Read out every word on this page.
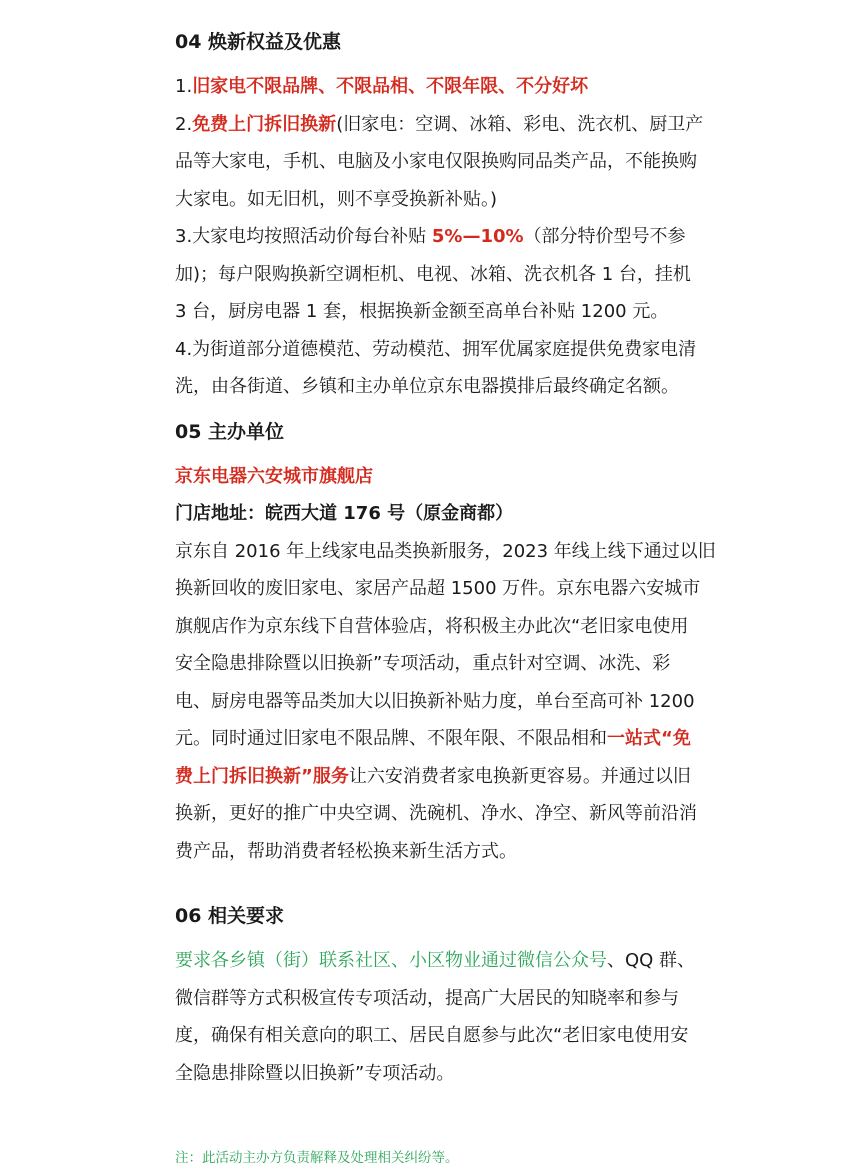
04 焕新权益及优惠

1.旧家电不限品牌、不限品相、不限年限、不分好坏

2.免费上门拆旧换新(旧家电：空调、冰箱、彩电、洗衣机、厨卫产

品等大家电，手机、电脑及小家电仅限换购同品类产品，不能换购

大家电。如无旧机，则不享受换新补贴。)

3.大家电均按照活动价每台补贴 5%—10%（部分特价型号不参

加)；每户限购换新空调柜机、电视、冰箱、洗衣机各 1 台，挂机

3 台，厨房电器 1 套，根据换新金额至高单台补贴 1200 元。

4.为街道部分道德模范、劳动模范、拥军优属家庭提供免费家电清

洗，由各街道、乡镇和主办单位京东电器摸排后最终确定名额。

05 主办单位

京东电器六安城市旗舰店

门店地址：皖西大道 176 号（原金商都）

京东自 2016 年上线家电品类换新服务，2023 年线上线下通过以旧

换新回收的废旧家电、家居产品超 1500 万件。京东电器六安城市

旗舰店作为京东线下自营体验店，将积极主办此次“老旧家电使用

安全隐患排除暨以旧换新”专项活动，重点针对空调、冰洗、彩

电、厨房电器等品类加大以旧换新补贴力度，单台至高可补 1200

元。同时通过旧家电不限品牌、不限年限、不限品相和一站式“免

费上门拆旧换新”服务让六安消费者家电换新更容易。并通过以旧

换新，更好的推广中央空调、洗碗机、净水、净空、新风等前沿消

费产品，帮助消费者轻松换来新生活方式。

06 相关要求

要求各乡镇（街）联系社区、小区物业通过微信公众号、QQ 群、

微信群等方式积极宣传专项活动，提高广大居民的知晓率和参与

度，确保有相关意向的职工、居民自愿参与此次“老旧家电使用安

全隐患排除暨以旧换新”专项活动。

注：此活动主办方负责解释及处理相关纠纷等。
